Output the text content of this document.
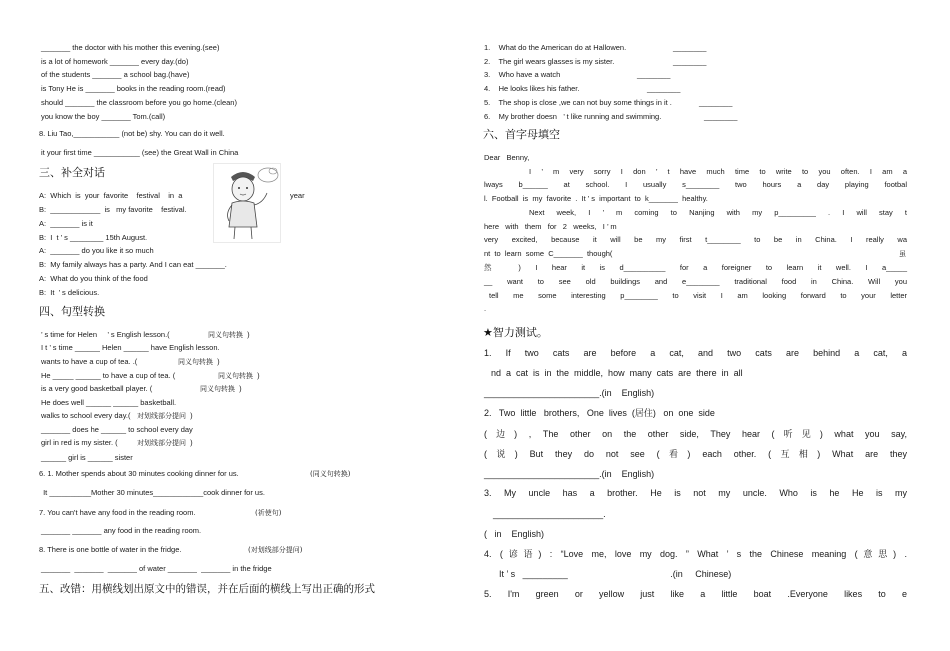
_______ the doctor with his mother this evening.(see)
is a lot of homework _______ every day.(do)
of the students _______ a school bag.(have)
is Tony He is _______ books in the reading room.(read)
should _______ the classroom before you go home.(clean)
you know the boy _______ Tom.(call)
8. Liu Tao,___________ (not be) shy. You can do it well.
it your first time ___________ (see) the Great Wall in China
三、补全对话
A:  Which  is  your  favorite    festival    in  a	year
B:  ____________  is   my favorite    festival.
A:  _______ is it
B:  I  t ’ s ________ 15th August.
A:  _______ do you like it so much
B:  My family always has a party. And I can eat _______.
A:  What do you think of the food
B:  It  ’ s delicious.
四、句型转换
’ s time for Helen     ’ s English lesson.(	同义句转换 )
I t ’ s time ______ Helen ______ have English lesson.
wants to have a cup of tea. .(	同义句转换 )
He _____ ______ to have a cup of tea. (	同义句转换 )
is a very good basketball player. (	同义句转换 )
He does well ______ ______ basketball.
walks to school every day.( 对划线部分提问 )
_______ does he ______ to school every day
girl in red is my sister. (	对划线部分提问 )
______ girl is ______ sister
6. 1. Mother spends about 30 minutes cooking dinner for us.	(同义句转换)
It __________Mother 30 minutes____________cook dinner for us.
7. You can't have any food in the reading room.	(祈使句)
_______ _______ any food in the reading room.
8. There is one bottle of water in the fridge.	(对划线部分提问)
_______  _______  _______ of water _______  _______ in the fridge
五、改错：用横线划出原文中的错误，并在后面的横线上写出正确的形式
1.    What do the American do at Hallowen.	________
2.    The girl wears glasses is my sister.	________
3.    Who have a watch	________
4.    He looks likes his father.	________
5.    The shop is close ,we can not buy some things in it .	________
6.    My brother doesn   ’ t like running and swimming.	________
六、首字母填空
Dear   Benny,
I ’ m very sorry I don ’ t have much time to write to you often. I am a
lways b______ at school. I usually s________ two hours a day playing footbal
l.  Football  is  my  favorite  .  It ’ s  important  to  k_______  healthy.
Next week, I ’ m coming to Nanjing with my p_________ . I will stay t
here   with   them   for   2   weeks,   I ’ m
very excited, because it will be my first t________ to be in China. I really wa
nt  to  learn  some  C_______  though(	虽
然 ) I hear it is d__________ for a foreigner to learn it well. I a_____
__ want to see old buildings and e________ traditional food in China. Will you
tell me some interesting p________ to visit I am looking forward to your letter
.
★智力测试。
1. If two cats are before a cat, and two cats are behind a cat, a
nd  a  cat  is  in  the  middle,  how  many  cats  are  there  in  all
_______________________.(in    English)
2.   Two  little   brothers,   One  lives  (居住)   on  one  side
(边) , The other on the other side, They hear (听见) what you say,
(说) But they do not see (看) each other. (互相) What are they
_______________________.(in    English)
3. My uncle has a brother. He is not my uncle. Who is he He is my
______________________.
(   in    English)
4. (谚语) : “Love me, love my dog. ” What ’ s the Chinese meaning (意思) .
It ’ s   _________                                         .(in     Chinese)
5. I'm green or yellow just like a little boat .Everyone likes to e
